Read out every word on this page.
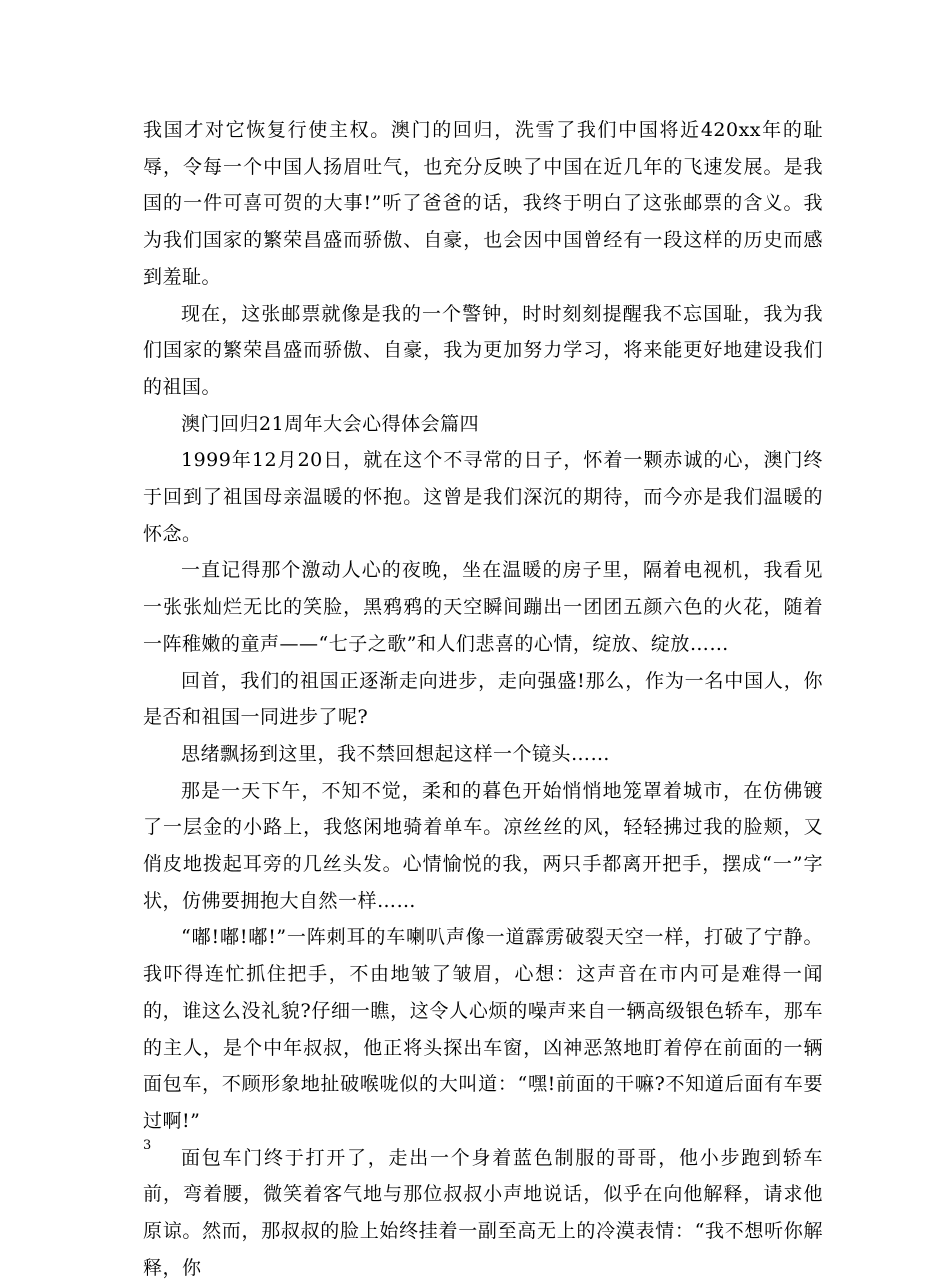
我国才对它恢复行使主权。澳门的回归，洗雪了我们中国将近420xx年的耻辱，令每一个中国人扬眉吐气，也充分反映了中国在近几年的飞速发展。是我国的一件可喜可贺的大事!”听了爸爸的话，我终于明白了这张邮票的含义。我为我们国家的繁荣昌盛而骄傲、自豪，也会因中国曾经有一段这样的历史而感到羞耻。

现在，这张邮票就像是我的一个警钟，时时刻刻提醒我不忘国耻，我为我们国家的繁荣昌盛而骄傲、自豪，我为更加努力学习，将来能更好地建设我们的祖国。

澳门回归21周年大会心得体会篇四

1999年12月20日，就在这个不寻常的日子，怀着一颗赤诚的心，澳门终于回到了祖国母亲温暖的怀抱。这曾是我们深沉的期待，而今亦是我们温暖的怀念。

一直记得那个激动人心的夜晚，坐在温暖的房子里，隔着电视机，我看见一张张灿烂无比的笑脸，黑鸦鸦的天空瞬间蹦出一团团五颜六色的火花，随着一阵稚嫩的童声——“七子之歌”和人们悲喜的心情，绽放、绽放……

回首，我们的祖国正逐渐走向进步，走向强盛!那么，作为一名中国人，你是否和祖国一同进步了呢?

思绪飘扬到这里，我不禁回想起这样一个镜头……

那是一天下午，不知不觉，柔和的暮色开始悄悄地笼罩着城市，在仿佛镀了一层金的小路上，我悠闲地骑着单车。凉丝丝的风，轻轻拂过我的脸颊，又俏皮地拨起耳旁的几丝头发。心情愉悦的我，两只手都离开把手，摆成“一”字状，仿佛要拥抱大自然一样……

“嘟!嘟!嘟!”一阵刺耳的车喇叭声像一道霹雳破裂天空一样，打破了宁静。我吓得连忙抓住把手，不由地皱了皱眉，心想：这声音在市内可是难得一闻的，谁这么没礼貌?仔细一瞧，这令人心烦的噪声来自一辆高级银色轿车，那车的主人，是个中年叔叔，他正将头探出车窗，凶神恶煞地盯着停在前面的一辆面包车，不顾形象地扯破喉咙似的大叫道：“嘿!前面的干嘛?不知道后面有车要过啊!”

面包车门终于打开了，走出一个身着蓝色制服的哥哥，他小步跑到轿车前，弯着腰，微笑着客气地与那位叔叔小声地说话，似乎在向他解释，请求他原谅。然而，那叔叔的脸上始终挂着一副至高无上的冷漠表情：“我不想听你解释，你

3
